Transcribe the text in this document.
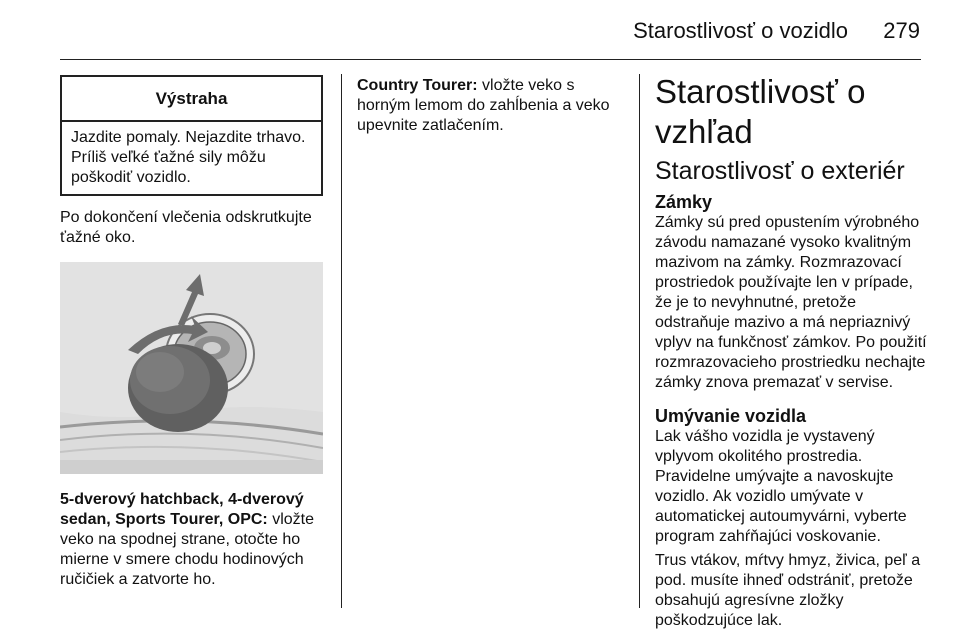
Starostlivosť o vozidlo 279
Výstraha
Jazdite pomaly. Nejazdite trhavo. Príliš veľké ťažné sily môžu poškodiť vozidlo.

Po dokončení vlečenia odskrutkujte ťažné oko.

5-dverový hatchback, 4-dverový sedan, Sports Tourer, OPC: vložte veko na spodnej strane, otočte ho mierne v smere chodu hodinových ručičiek a zatvorte ho.

Country Tourer: vložte veko s horným lemom do zahĺbenia a veko upevnite zatlačením.

Starostlivosť o vzhľad
Starostlivosť o exteriér
Zámky

Zámky sú pred opustením výrobného závodu namazané vysoko kvalitným mazivom na zámky. Rozmrazovací prostriedok používajte len v prípade, že je to nevyhnutné, pretože odstraňuje mazivo a má nepriaznivý vplyv na funkčnosť zámkov. Po použití rozmrazovacieho prostriedku nechajte zámky znova premazať v servise.

Umývanie vozidla

Lak vášho vozidla je vystavený vplyvom okolitého prostredia. Pravidelne umývajte a navoskujte vozidlo. Ak vozidlo umývate v automatickej autoumyvárni, vyberte program zahŕňajúci voskovanie.

Trus vtákov, mŕtvy hmyz, živica, peľ a pod. musíte ihneď odstrániť, pretože obsahujú agresívne zložky poškodzujúce lak.
